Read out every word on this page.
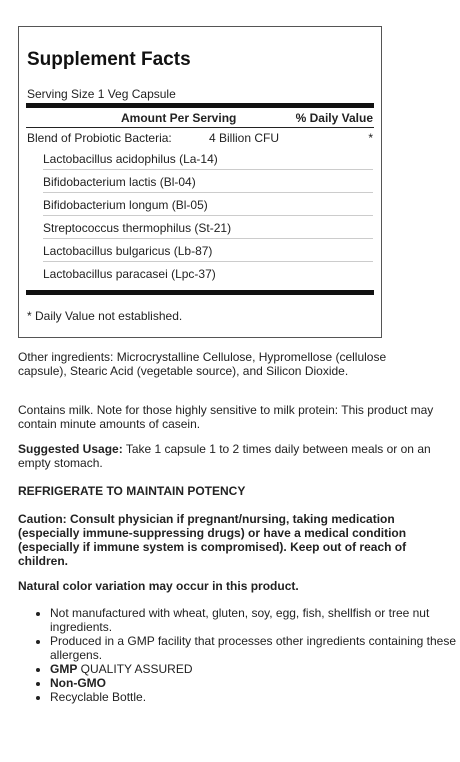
Supplement Facts
Serving Size 1 Veg Capsule
Amount Per Serving	% Daily Value
Blend of Probiotic Bacteria:	4 Billion CFU	*
Lactobacillus acidophilus (La-14)
Bifidobacterium lactis (Bl-04)
Bifidobacterium longum (Bl-05)
Streptococcus thermophilus (St-21)
Lactobacillus bulgaricus (Lb-87)
Lactobacillus paracasei (Lpc-37)
* Daily Value not established.
Other ingredients: Microcrystalline Cellulose, Hypromellose (cellulose capsule), Stearic Acid (vegetable source), and Silicon Dioxide.
Contains milk. Note for those highly sensitive to milk protein: This product may contain minute amounts of casein.
Suggested Usage: Take 1 capsule 1 to 2 times daily between meals or on an empty stomach.
REFRIGERATE TO MAINTAIN POTENCY
Caution: Consult physician if pregnant/nursing, taking medication (especially immune-suppressing drugs) or have a medical condition (especially if immune system is compromised). Keep out of reach of children.
Natural color variation may occur in this product.
• Not manufactured with wheat, gluten, soy, egg, fish, shellfish or tree nut ingredients.
• Produced in a GMP facility that processes other ingredients containing these allergens.
• GMP QUALITY ASSURED
• Non-GMO
• Recyclable Bottle.
